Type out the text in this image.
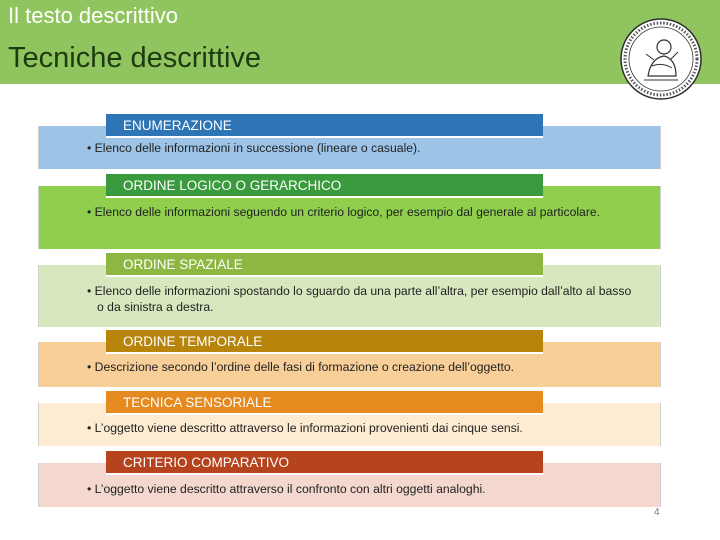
Il testo descrittivo
Tecniche descrittive
• Elenco delle informazioni in successione (lineare o casuale).
ENUMERAZIONE
• Elenco delle informazioni seguendo un criterio logico, per esempio dal generale al particolare.
ORDINE LOGICO O GERARCHICO
• Elenco delle informazioni spostando lo sguardo da una parte all’altra, per esempio dall’alto al basso o da sinistra a destra.
ORDINE SPAZIALE
• Descrizione secondo l’ordine delle fasi di formazione o creazione dell’oggetto.
ORDINE TEMPORALE
• L’oggetto viene descritto attraverso le informazioni provenienti dai cinque sensi.
TECNICA SENSORIALE
• L’oggetto viene descritto attraverso il confronto con altri oggetti analoghi.
CRITERIO COMPARATIVO
4
